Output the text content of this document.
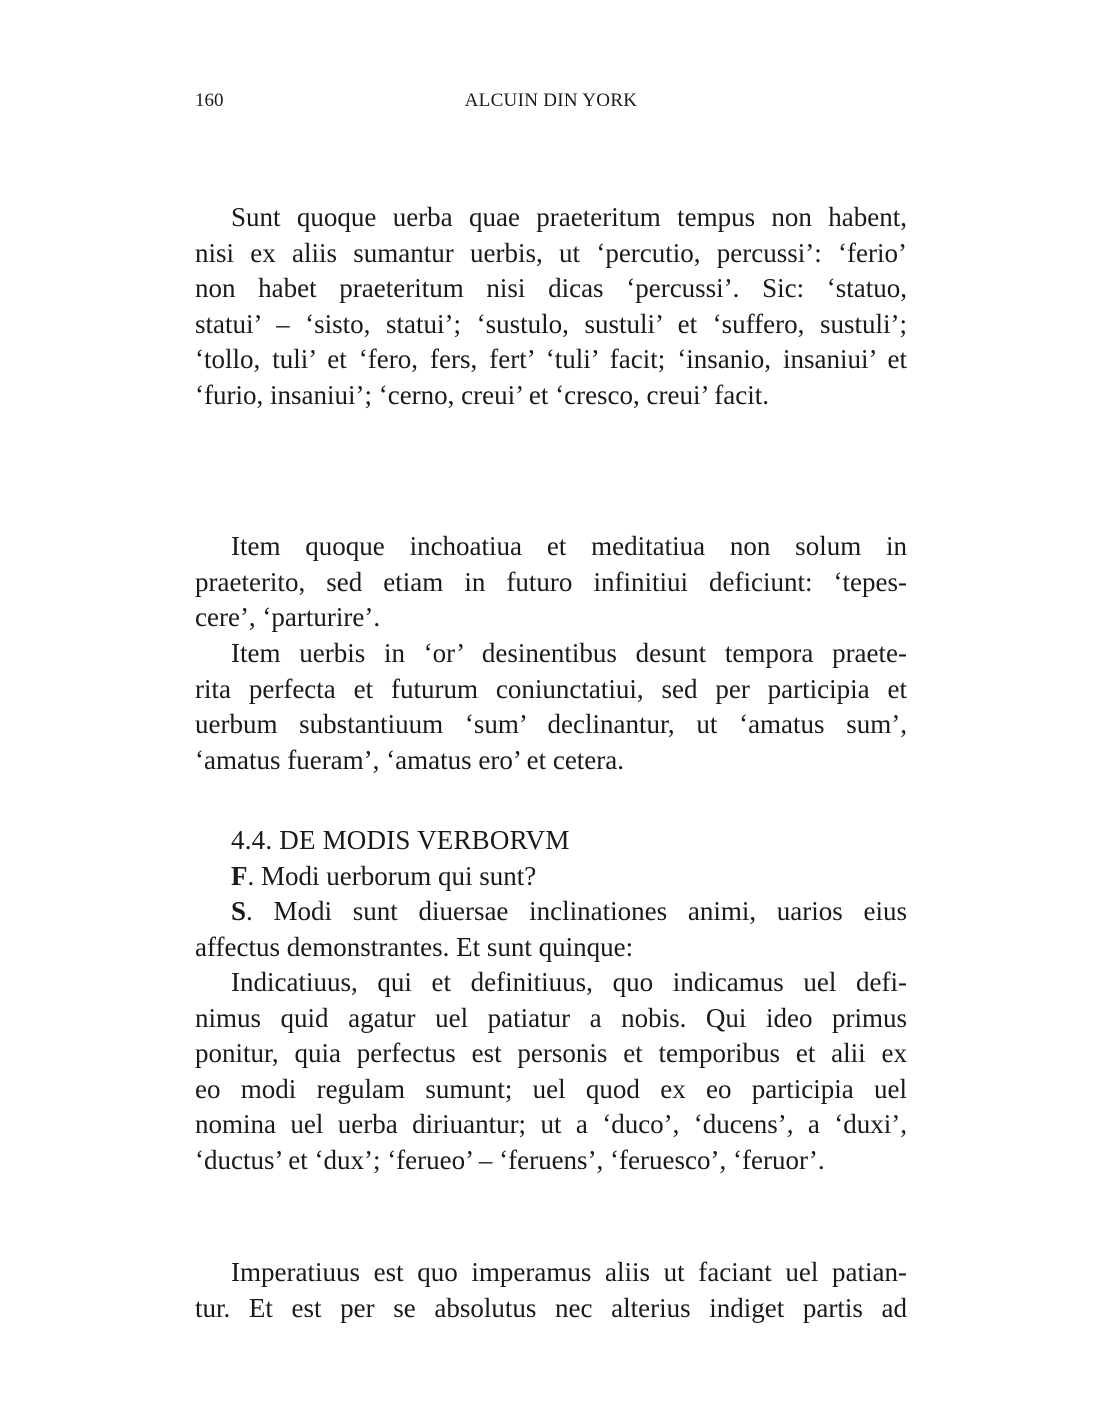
160	ALCUIN DIN YORK
Sunt quoque uerba quae praeteritum tempus non habent,
nisi ex aliis sumantur uerbis, ut ‘percutio, percussi’: ‘ferio’
non habet praeteritum nisi dicas ‘percussi’. Sic: ‘statuo,
statui’ – ‘sisto, statui’; ‘sustulo, sustuli’ et ‘suffero, sustuli’;
‘tollo, tuli’ et ‘fero, fers, fert’ ‘tuli’ facit; ‘insanio, insaniui’ et
‘furio, insaniui’; ‘cerno, creui’ et ‘cresco, creui’ facit.
Item quoque inchoatiua et meditatiua non solum in
praeterito, sed etiam in futuro infinitiui deficiunt: ‘tepes-
cere’, ‘parturire’.
Item uerbis in ‘or’ desinentibus desunt tempora praete-
rita perfecta et futurum coniunctatiui, sed per participia et
uerbum substantiuum ‘sum’ declinantur, ut ‘amatus sum’,
‘amatus fueram’, ‘amatus ero’ et cetera.
4.4. DE MODIS VERBORVM
F. Modi uerborum qui sunt?
S. Modi sunt diuersae inclinationes animi, uarios eius
affectus demonstrantes. Et sunt quinque:
Indicatiuus, qui et definitiuus, quo indicamus uel defi-
nimus quid agatur uel patiatur a nobis. Qui ideo primus
ponitur, quia perfectus est personis et temporibus et alii ex
eo modi regulam sumunt; uel quod ex eo participia uel
nomina uel uerba diriuantur; ut a ‘duco’, ‘ducens’, a ‘duxi’,
‘ductus’ et ‘dux’; ‘ferueo’ – ‘feruens’, ‘feruesco’, ‘feruor’.
Imperatiuus est quo imperamus aliis ut faciant uel patian-
tur. Et est per se absolutus nec alterius indiget partis ad
